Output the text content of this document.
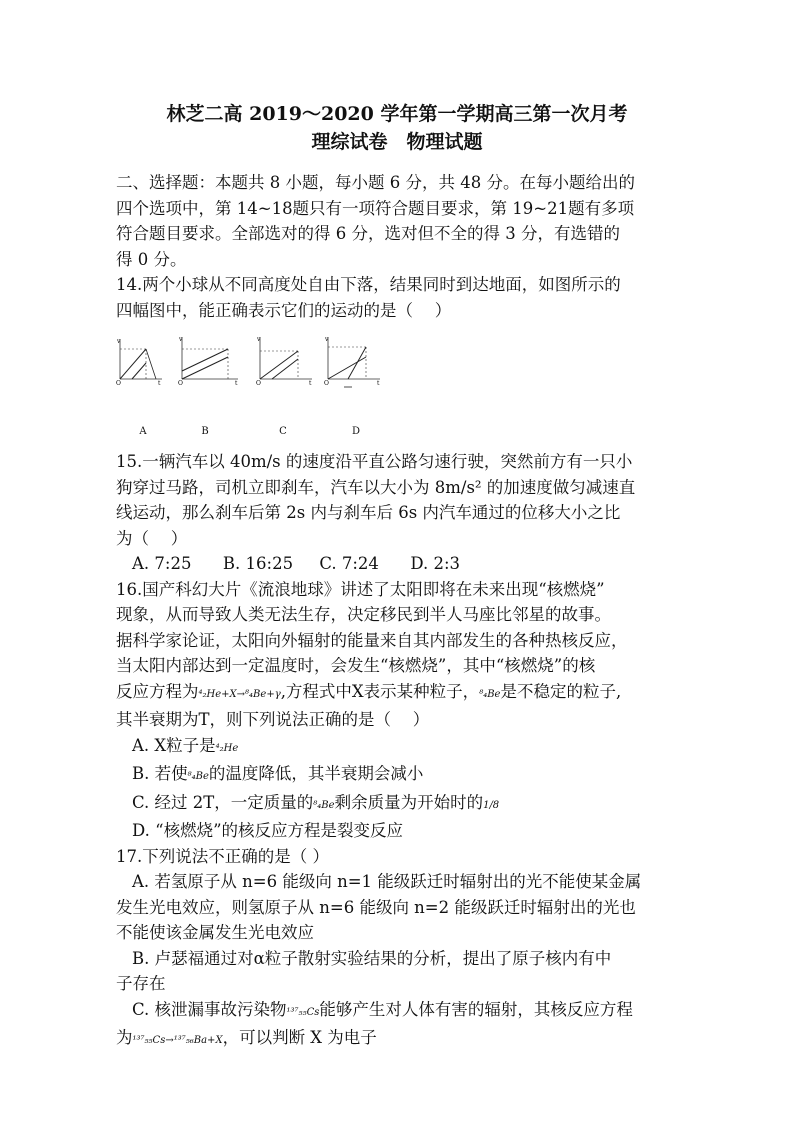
林芝二高 2019～2020 学年第一学期高三第一次月考
理综试卷　物理试题

二、选择题：本题共 8 小题，每小题 6 分，共 48 分。在每小题给出的

四个选项中，第 14~18题只有一项符合题目要求，第 19~21题有多项

符合题目要求。全部选对的得 6 分，选对但不全的得 3 分，有选错的

得 0 分。

14.两个小球从不同高度处自由下落，结果同时到达地面，如图所示的

四幅图中，能正确表示它们的运动的是（　 ）

v
t
O
A
v
t
O
B
v
t
O
C
v
t
O
D

15.一辆汽车以 40m/s 的速度沿平直公路匀速行驶，突然前方有一只小

狗穿过马路，司机立即刹车，汽车以大小为 8m/s² 的加速度做匀减速直

线运动，那么刹车后第 2s 内与刹车后 6s 内汽车通过的位移大小之比

为（　 ）

A. 7:25      B. 16:25     C. 7:24      D. 2:3

16.国产科幻大片《流浪地球》讲述了太阳即将在未来出现“核燃烧”

现象，从而导致人类无法生存，决定移民到半人马座比邻星的故事。

据科学家论证，太阳向外辐射的能量来自其内部发生的各种热核反应，

当太阳内部达到一定温度时，会发生“核燃烧”，其中“核燃烧”的核

反应方程为⁴₂He+X→⁸₄Be+γ,方程式中X表示某种粒子，⁸₄Be是不稳定的粒子,

其半衰期为T，则下列说法正确的是（　 ）

A. X粒子是⁴₂He

B. 若使⁸₄Be的温度降低，其半衰期会减小

C. 经过 2T，一定质量的⁸₄Be剩余质量为开始时的1/8

D. “核燃烧”的核反应方程是裂变反应

17.下列说法不正确的是（ ）

A. 若氢原子从 n=6 能级向 n=1 能级跃迁时辐射出的光不能使某金属

发生光电效应，则氢原子从 n=6 能级向 n=2 能级跃迁时辐射出的光也

不能使该金属发生光电效应

B. 卢瑟福通过对α粒子散射实验结果的分析，提出了原子核内有中

子存在

C. 核泄漏事故污染物¹³⁷₅₅Cs能够产生对人体有害的辐射，其核反应方程

为¹³⁷₅₅Cs→¹³⁷₅₆Ba+X，可以判断 X 为电子
